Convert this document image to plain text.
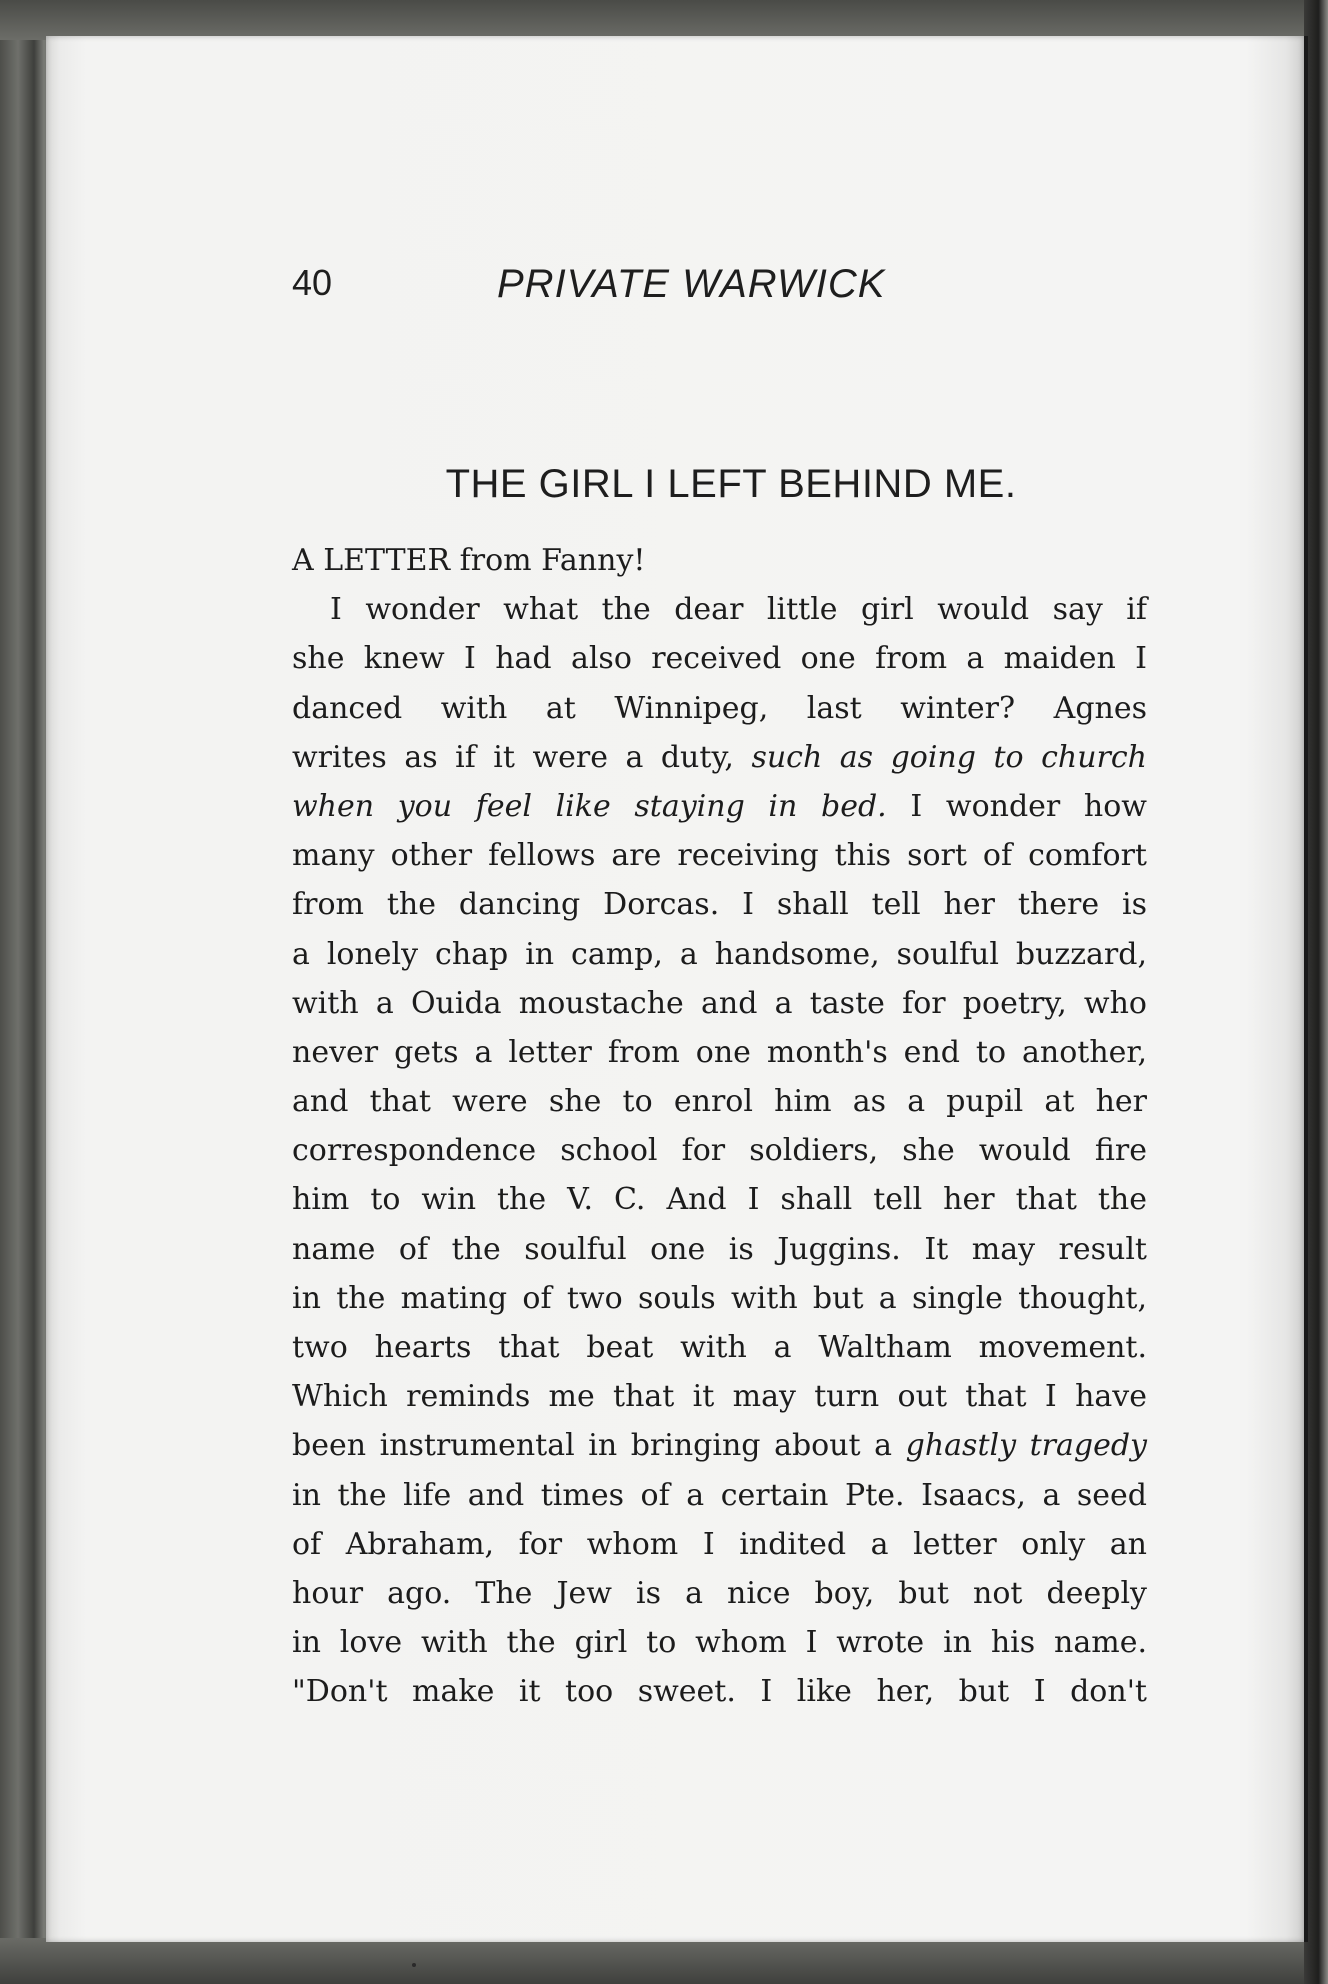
40	PRIVATE WARWICK
THE GIRL I LEFT BEHIND ME.
A LETTER from Fanny!
I wonder what the dear little girl would say if
she knew I had also received one from a maiden I
danced with at Winnipeg, last winter? Agnes
writes as if it were a duty, such as going to church
when you feel like staying in bed. I wonder how
many other fellows are receiving this sort of comfort
from the dancing Dorcas. I shall tell her there is
a lonely chap in camp, a handsome, soulful buzzard,
with a Ouida moustache and a taste for poetry, who
never gets a letter from one month's end to another,
and that were she to enrol him as a pupil at her
correspondence school for soldiers, she would fire
him to win the V. C. And I shall tell her that the
name of the soulful one is Juggins. It may result
in the mating of two souls with but a single thought,
two hearts that beat with a Waltham movement.
Which reminds me that it may turn out that I have
been instrumental in bringing about a ghastly tragedy
in the life and times of a certain Pte. Isaacs, a seed
of Abraham, for whom I indited a letter only an
hour ago. The Jew is a nice boy, but not deeply
in love with the girl to whom I wrote in his name.
"Don't make it too sweet. I like her, but I don't
